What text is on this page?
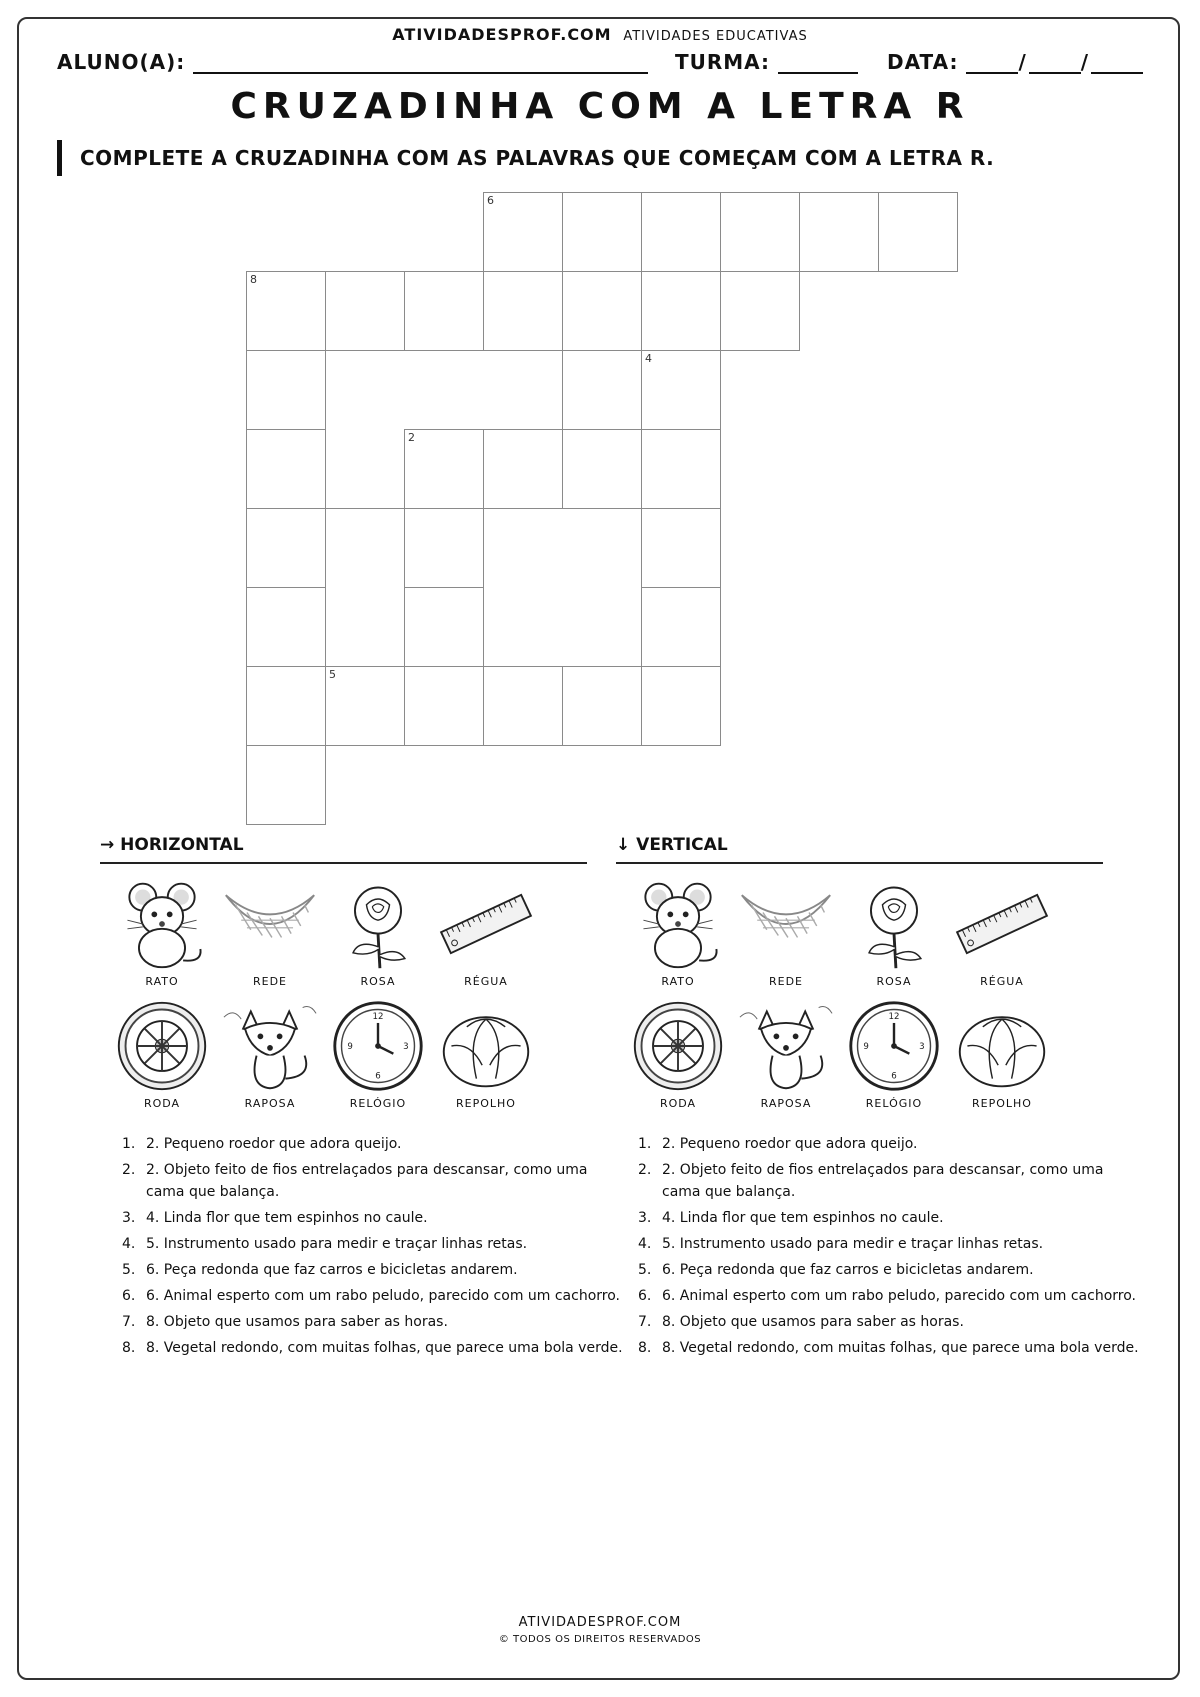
ATIVIDADESPROF.COM ATIVIDADES EDUCATIVAS
ALUNO(A):	TURMA:	DATA:	/	/
CRUZADINHA COM A LETRA R
COMPLETE A CRUZADINHA COM AS PALAVRAS QUE COMEÇAM COM A LETRA R.
6
8
4
2
5
→ HORIZONTAL	↓ VERTICAL
RATO	REDE	ROSA	RÉGUA
RODA	RAPOSA
12
3
6
9
RELÓGIO	REPOLHO
RATO	REDE	ROSA	RÉGUA
RODA	RAPOSA
12
3
6
9
RELÓGIO	REPOLHO
1. 2. Pequeno roedor que adora queijo.
2. 2. Objeto feito de fios entrelaçados para descansar, como uma cama que balança.
3. 4. Linda flor que tem espinhos no caule.
4. 5. Instrumento usado para medir e traçar linhas retas.
5. 6. Peça redonda que faz carros e bicicletas andarem.
6. 6. Animal esperto com um rabo peludo, parecido com um cachorro.
7. 8. Objeto que usamos para saber as horas.
8. 8. Vegetal redondo, com muitas folhas, que parece uma bola verde.
1. 2. Pequeno roedor que adora queijo.
2. 2. Objeto feito de fios entrelaçados para descansar, como uma cama que balança.
3. 4. Linda flor que tem espinhos no caule.
4. 5. Instrumento usado para medir e traçar linhas retas.
5. 6. Peça redonda que faz carros e bicicletas andarem.
6. 6. Animal esperto com um rabo peludo, parecido com um cachorro.
7. 8. Objeto que usamos para saber as horas.
8. 8. Vegetal redondo, com muitas folhas, que parece uma bola verde.
ATIVIDADESPROF.COM
© TODOS OS DIREITOS RESERVADOS
